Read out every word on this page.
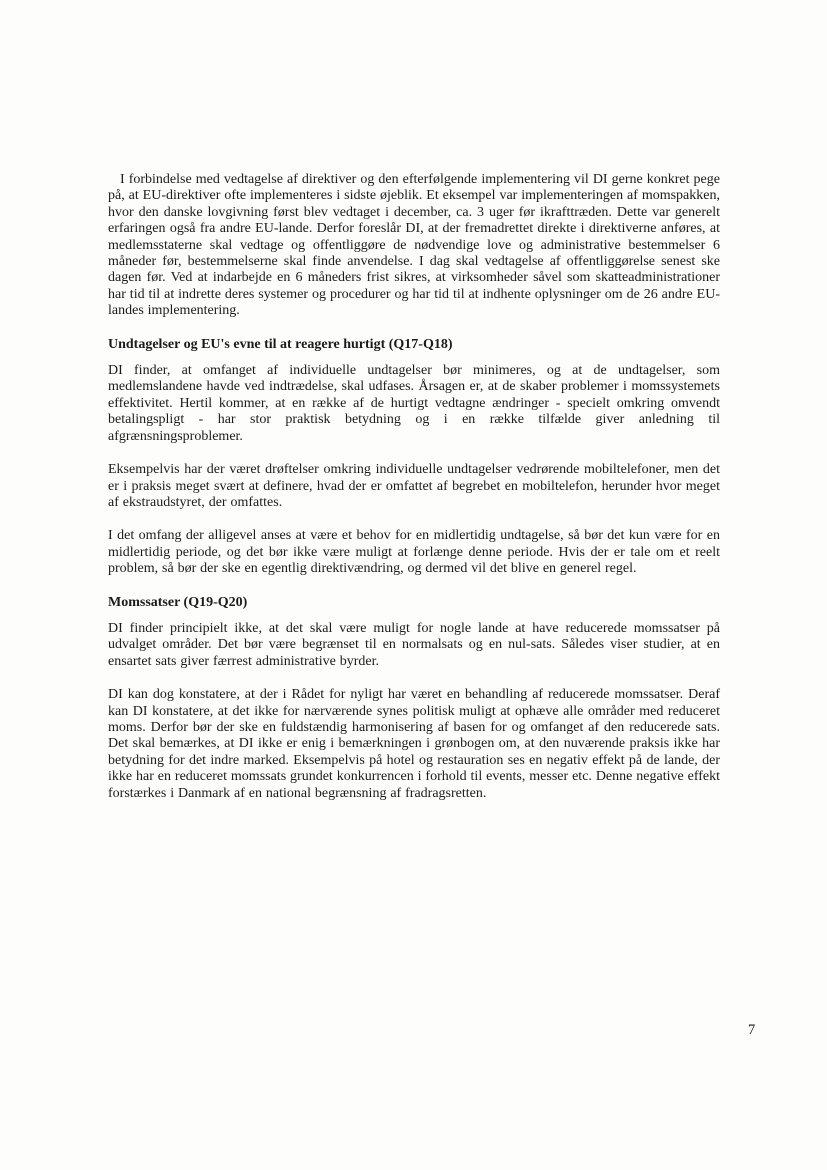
I forbindelse med vedtagelse af direktiver og den efterfølgende implementering vil DI gerne konkret pege på, at EU-direktiver ofte implementeres i sidste øjeblik. Et eksempel var implementeringen af momspakken, hvor den danske lovgivning først blev vedtaget i december, ca. 3 uger før ikrafttræden. Dette var generelt erfaringen også fra andre EU-lande. Derfor foreslår DI, at der fremadrettet direkte i direktiverne anføres, at medlemsstaterne skal vedtage og offentliggøre de nødvendige love og administrative bestemmelser 6 måneder før, bestemmelserne skal finde anvendelse. I dag skal vedtagelse af offentliggørelse senest ske dagen før. Ved at indarbejde en 6 måneders frist sikres, at virksomheder såvel som skatteadministrationer har tid til at indrette deres systemer og procedurer og har tid til at indhente oplysninger om de 26 andre EU-landes implementering.

Undtagelser og EU's evne til at reagere hurtigt (Q17-Q18)

DI finder, at omfanget af individuelle undtagelser bør minimeres, og at de undtagelser, som medlemslandene havde ved indtrædelse, skal udfases. Årsagen er, at de skaber problemer i momssystemets effektivitet. Hertil kommer, at en række af de hurtigt vedtagne ændringer - specielt omkring omvendt betalingspligt - har stor praktisk betydning og i en række tilfælde giver anledning til afgrænsningsproblemer.

Eksempelvis har der været drøftelser omkring individuelle undtagelser vedrørende mobiltelefoner, men det er i praksis meget svært at definere, hvad der er omfattet af begrebet en mobiltelefon, herunder hvor meget af ekstraudstyret, der omfattes.

I det omfang der alligevel anses at være et behov for en midlertidig undtagelse, så bør det kun være for en midlertidig periode, og det bør ikke være muligt at forlænge denne periode. Hvis der er tale om et reelt problem, så bør der ske en egentlig direktivændring, og dermed vil det blive en generel regel.

Momssatser (Q19-Q20)

DI finder principielt ikke, at det skal være muligt for nogle lande at have reducerede momssatser på udvalget områder. Det bør være begrænset til en normalsats og en nul-sats. Således viser studier, at en ensartet sats giver færrest administrative byrder.

DI kan dog konstatere, at der i Rådet for nyligt har været en behandling af reducerede momssatser. Deraf kan DI konstatere, at det ikke for nærværende synes politisk muligt at ophæve alle områder med reduceret moms. Derfor bør der ske en fuldstændig harmonisering af basen for og omfanget af den reducerede sats. Det skal bemærkes, at DI ikke er enig i bemærkningen i grønbogen om, at den nuværende praksis ikke har betydning for det indre marked. Eksempelvis på hotel og restauration ses en negativ effekt på de lande, der ikke har en reduceret momssats grundet konkurrencen i forhold til events, messer etc. Denne negative effekt forstærkes i Danmark af en national begrænsning af fradragsretten.

7
